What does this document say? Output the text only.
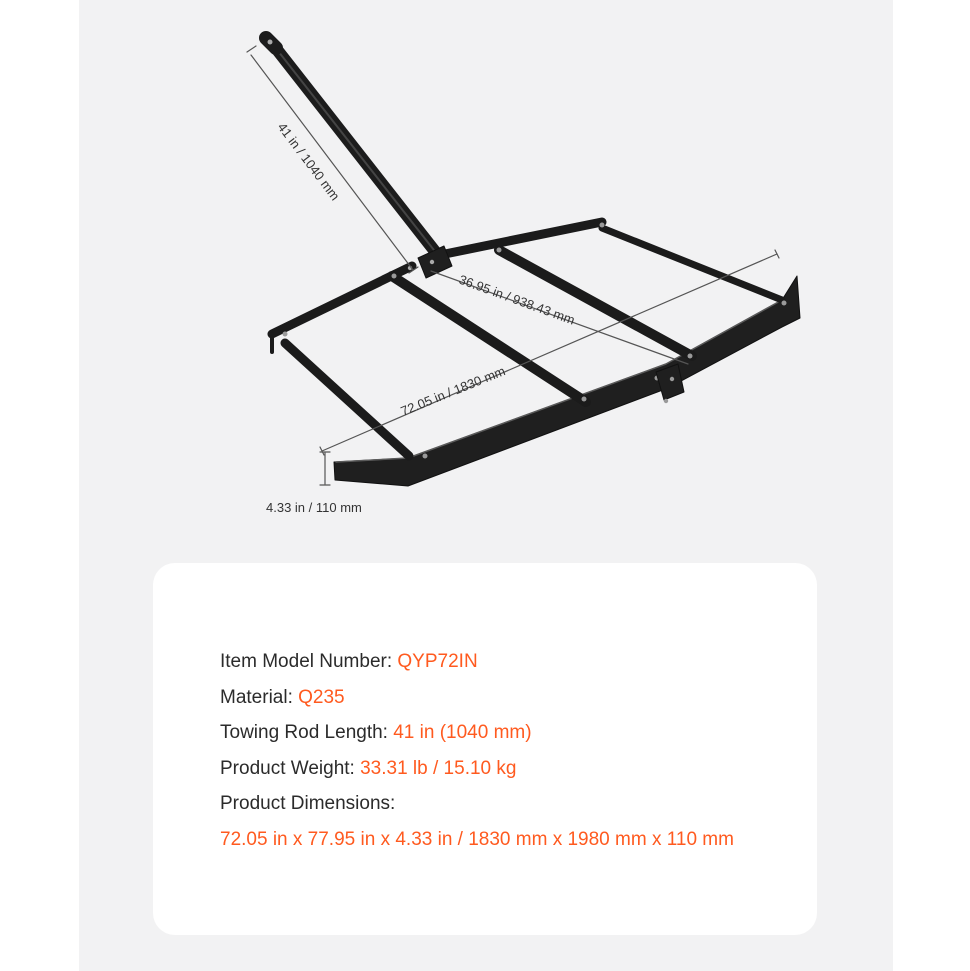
41 in / 1040 mm
36.95 in / 938.43 mm
72.05 in / 1830 mm
4.33 in / 110 mm
Item Model Number: QYP72IN
Material: Q235
Towing Rod Length: 41 in (1040 mm)
Product Weight: 33.31 lb / 15.10 kg
Product Dimensions:
72.05 in x 77.95 in x 4.33 in / 1830 mm x 1980 mm x 110 mm
